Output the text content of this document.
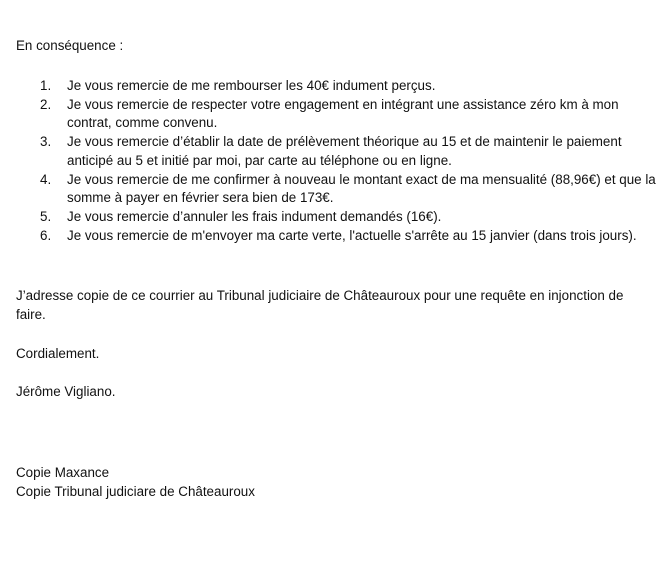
En conséquence :
1.	Je vous remercie de me rembourser les 40€ indument perçus.
2.	Je vous remercie de respecter votre engagement en intégrant une assistance zéro km à mon contrat, comme convenu.
3.	Je vous remercie d’établir la date de prélèvement théorique au 15 et de maintenir le paiement anticipé au 5 et initié par moi, par carte au téléphone ou en ligne.
4.	Je vous remercie de me confirmer à nouveau le montant exact de ma mensualité (88,96€) et que la somme à payer en février sera bien de 173€.
5.	Je vous remercie d’annuler les frais indument demandés (16€).
6.	Je vous remercie de m'envoyer ma carte verte, l'actuelle s'arrête au 15 janvier (dans trois jours).
J’adresse copie de ce courrier au Tribunal judiciaire de Châteauroux pour une requête en injonction de faire.
Cordialement.
Jérôme Vigliano.
Copie Maxance
Copie Tribunal judiciare de Châteauroux
